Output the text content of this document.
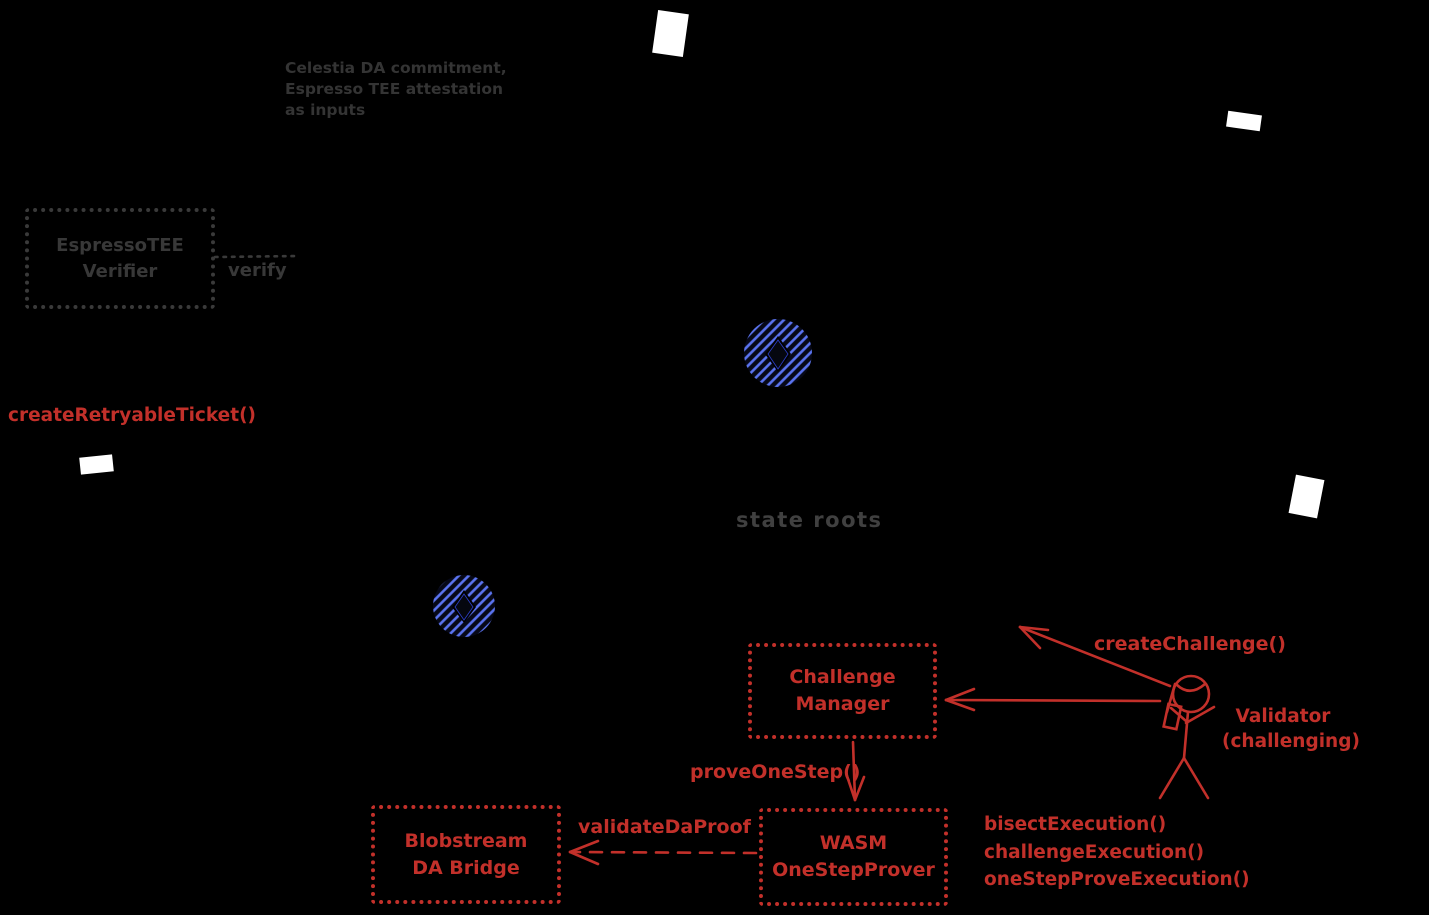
EspressoTEE
Verifier
Challenge
Manager
WASM
OneStepProver
Blobstream
DA Bridge
Celestia DA commitment,
Espresso TEE attestation
as inputs
verify
state roots
createRetryableTicket()
createChallenge()
Validator
(challenging)
proveOneStep()
validateDaProof	bisectExecution()
challengeExecution()
oneStepProveExecution()
